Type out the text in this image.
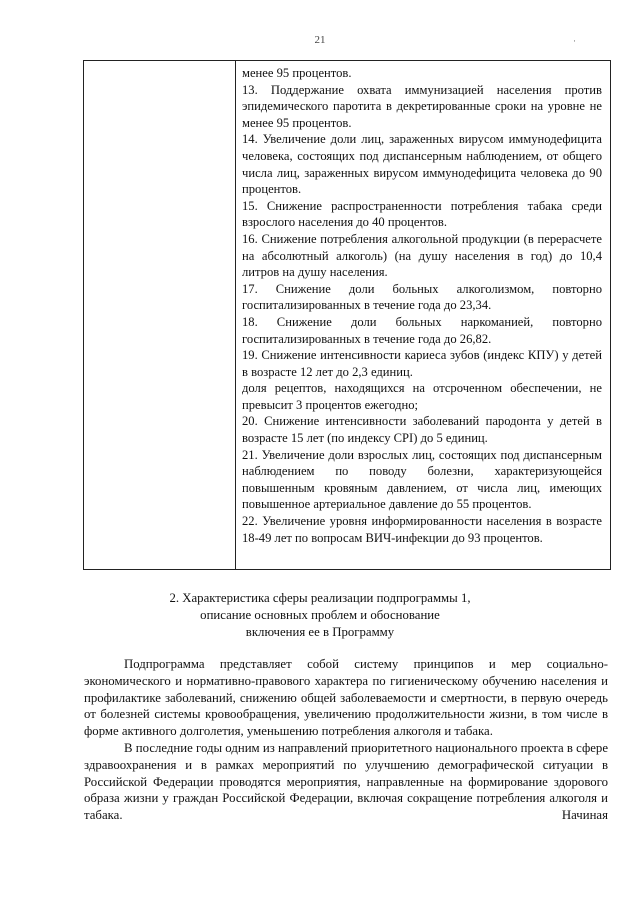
21	·

менее 95 процентов.

13. Поддержание охвата иммунизацией населения против эпидемического паротита в декретированные сроки на уровне не менее 95 процентов.

14. Увеличение доли лиц, зараженных вирусом иммунодефицита человека, состоящих под диспансерным наблюдением, от общего числа лиц, зараженных вирусом иммунодефицита человека до 90 процентов.

15. Снижение распространенности потребления табака среди взрослого населения до 40 процентов.

16. Снижение потребления алкогольной продукции (в перерасчете на абсолютный алкоголь) (на душу населения в год) до 10,4 литров на душу населения.

17. Снижение доли больных алкоголизмом, повторно госпитализированных в течение года до 23,34.

18. Снижение доли больных наркоманией, повторно госпитализированных в течение года до 26,82.

19. Снижение интенсивности кариеса зубов (индекс КПУ) у детей в возрасте 12 лет до 2,3 единиц.

доля рецептов, находящихся на отсроченном обеспечении, не превысит 3 процентов ежегодно;

20. Снижение интенсивности заболеваний пародонта у детей в возрасте 15 лет (по индексу СРI) до 5 единиц.

21. Увеличение доли взрослых лиц, состоящих под диспансерным наблюдением по поводу болезни, характеризующейся повышенным кровяным давлением, от числа лиц, имеющих повышенное артериальное давление до 55 процентов.

22. Увеличение уровня информированности населения в возрасте 18-49 лет по вопросам ВИЧ-инфекции до 93 процентов.

2. Характеристика сферы реализации подпрограммы 1,
описание основных проблем и обоснование
включения ее в Программу

Подпрограмма представляет собой систему принципов и мер социально-экономического и нормативно-правового характера по гигиеническому обучению населения и профилактике заболеваний, снижению общей заболеваемости и смертности, в первую очередь от болезней системы кровообращения, увеличению продолжительности жизни, в том числе в форме активного долголетия, уменьшению потребления алкоголя и табака.

В последние годы одним из направлений приоритетного национального проекта в сфере здравоохранения и в рамках мероприятий по улучшению демографической ситуации в Российской Федерации проводятся мероприятия, направленные на формирование здорового образа жизни у граждан Российской Федерации, включая сокращение потребления алкоголя и табака. Начиная
